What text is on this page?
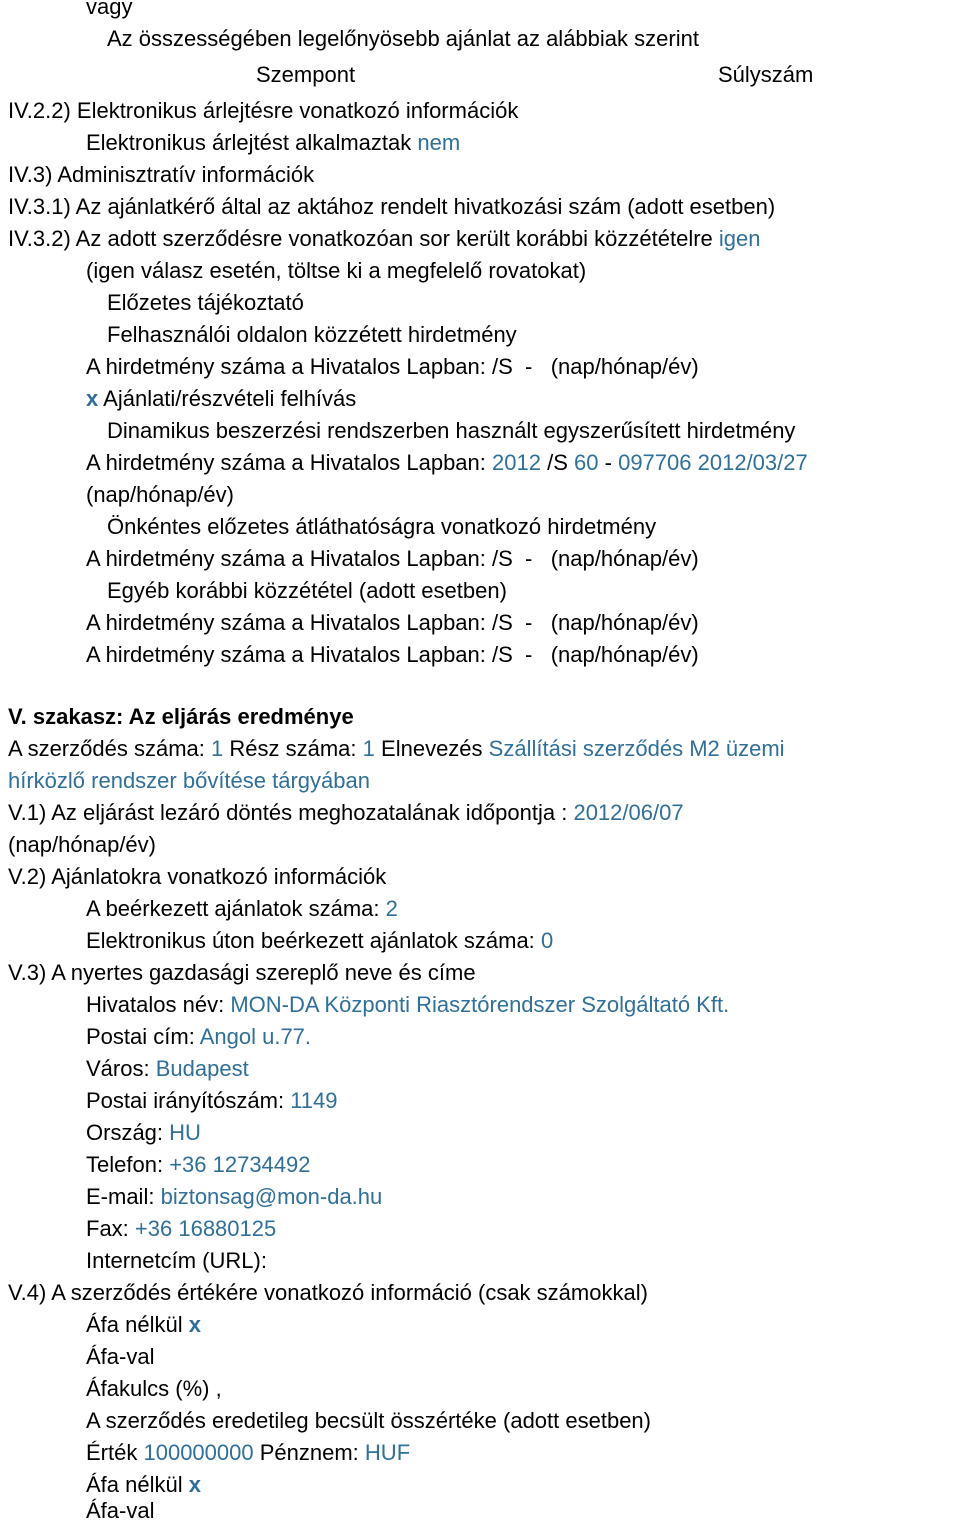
vagy
Az összességében legelőnyösebb ajánlat az alábbiak szerint
Szempont	Súlyszám
IV.2.2) Elektronikus árlejtésre vonatkozó információk
Elektronikus árlejtést alkalmaztak nem
IV.3) Adminisztratív információk
IV.3.1) Az ajánlatkérő által az aktához rendelt hivatkozási szám (adott esetben)
IV.3.2) Az adott szerződésre vonatkozóan sor került korábbi közzétételre igen
(igen válasz esetén, töltse ki a megfelelő rovatokat)
Előzetes tájékoztató
Felhasználói oldalon közzétett hirdetmény
A hirdetmény száma a Hivatalos Lapban: /S - (nap/hónap/év)
x Ajánlati/részvételi felhívás
Dinamikus beszerzési rendszerben használt egyszerűsített hirdetmény
A hirdetmény száma a Hivatalos Lapban: 2012 /S 60 - 097706 2012/03/27
(nap/hónap/év)
Önkéntes előzetes átláthatóságra vonatkozó hirdetmény
A hirdetmény száma a Hivatalos Lapban: /S - (nap/hónap/év)
Egyéb korábbi közzététel (adott esetben)
A hirdetmény száma a Hivatalos Lapban: /S - (nap/hónap/év)
A hirdetmény száma a Hivatalos Lapban: /S - (nap/hónap/év)
V. szakasz: Az eljárás eredménye
A szerződés száma: 1 Rész száma: 1 Elnevezés Szállítási szerződés M2 üzemi
hírközlő rendszer bővítése tárgyában
V.1) Az eljárást lezáró döntés meghozatalának időpontja : 2012/06/07
(nap/hónap/év)
V.2) Ajánlatokra vonatkozó információk
A beérkezett ajánlatok száma: 2
Elektronikus úton beérkezett ajánlatok száma: 0
V.3) A nyertes gazdasági szereplő neve és címe
Hivatalos név: MON-DA Központi Riasztórendszer Szolgáltató Kft.
Postai cím: Angol u.77.
Város: Budapest
Postai irányítószám: 1149
Ország: HU
Telefon: +36 12734492
E-mail: biztonsag@mon-da.hu
Fax: +36 16880125
Internetcím (URL):
V.4) A szerződés értékére vonatkozó információ (csak számokkal)
Áfa nélkül x
Áfa-val
Áfakulcs (%) ,
A szerződés eredetileg becsült összértéke (adott esetben)
Érték 100000000 Pénznem: HUF
Áfa nélkül x
Áfa-val
